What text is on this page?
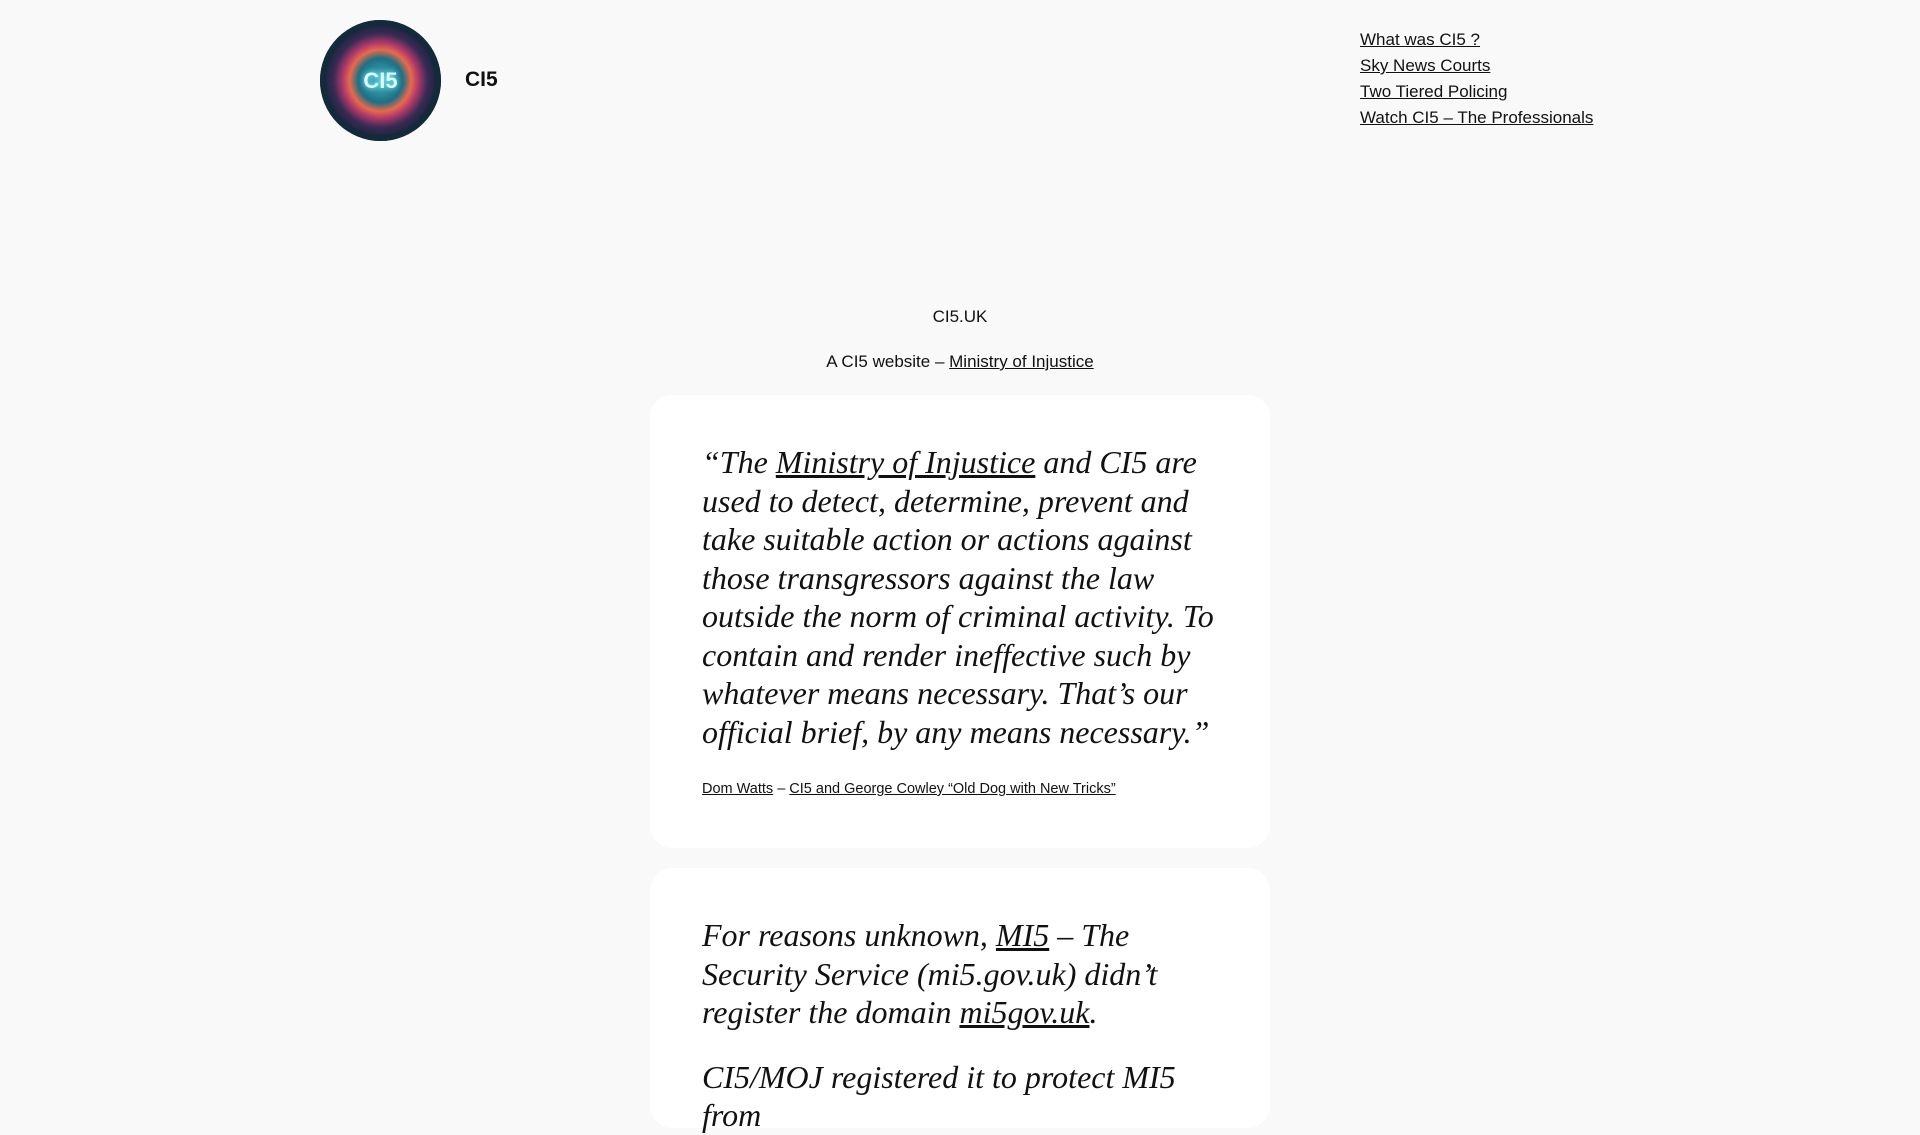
CI5	CI5
What was CI5 ?
Sky News Courts
Two Tiered Policing
Watch CI5 – The Professionals
CI5.UK
A CI5 website – Ministry of Injustice

“The Ministry of Injustice and CI5 are used to detect, determine, prevent and take suitable action or actions against those transgressors against the law outside the norm of criminal activity. To contain and render ineffective such by whatever means necessary. That’s our official brief, by any means necessary.”

Dom Watts – CI5 and George Cowley “Old Dog with New Tricks”

For reasons unknown, MI5 – The Security Service (mi5.gov.uk) didn’t register the domain mi5gov.uk.

CI5/MOJ registered it to protect MI5 from
